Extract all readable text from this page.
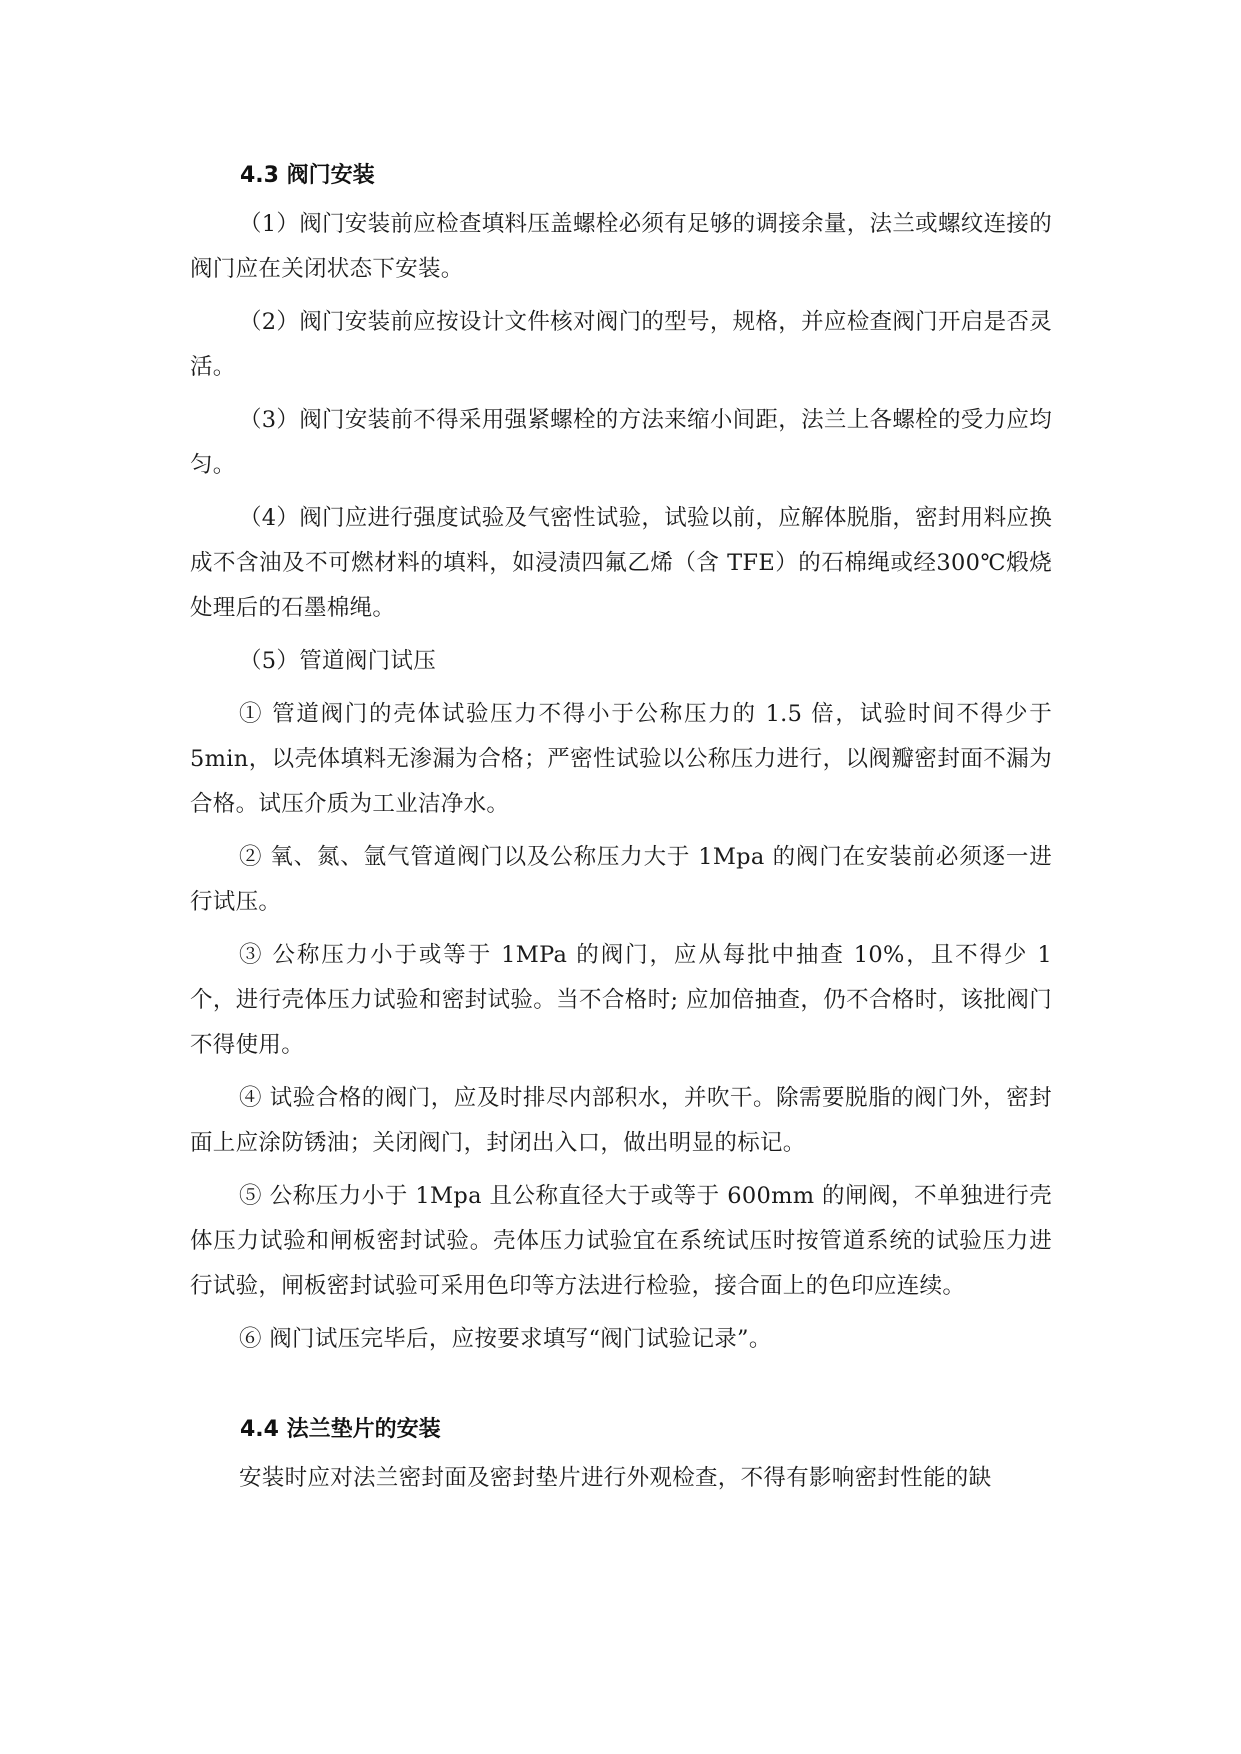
4.3 阀门安装

（1）阀门安装前应检查填料压盖螺栓必须有足够的调接余量，法兰或螺纹连接的阀门应在关闭状态下安装。

（2）阀门安装前应按设计文件核对阀门的型号，规格，并应检查阀门开启是否灵活。

（3）阀门安装前不得采用强紧螺栓的方法来缩小间距，法兰上各螺栓的受力应均匀。

（4）阀门应进行强度试验及气密性试验，试验以前，应解体脱脂，密封用料应换成不含油及不可燃材料的填料，如浸渍四氟乙烯（含 TFE）的石棉绳或经300℃煅烧处理后的石墨棉绳。

（5）管道阀门试压

① 管道阀门的壳体试验压力不得小于公称压力的 1.5 倍，试验时间不得少于 5min，以壳体填料无渗漏为合格；严密性试验以公称压力进行，以阀瓣密封面不漏为合格。试压介质为工业洁净水。

② 氧、氮、氩气管道阀门以及公称压力大于 1Mpa 的阀门在安装前必须逐一进行试压。

③ 公称压力小于或等于 1MPa 的阀门，应从每批中抽查 10%，且不得少 1 个，进行壳体压力试验和密封试验。当不合格时; 应加倍抽查，仍不合格时，该批阀门不得使用。

④ 试验合格的阀门，应及时排尽内部积水，并吹干。除需要脱脂的阀门外，密封面上应涂防锈油；关闭阀门，封闭出入口，做出明显的标记。

⑤ 公称压力小于 1Mpa 且公称直径大于或等于 600mm 的闸阀，不单独进行壳体压力试验和闸板密封试验。壳体压力试验宜在系统试压时按管道系统的试验压力进行试验，闸板密封试验可采用色印等方法进行检验，接合面上的色印应连续。

⑥ 阀门试压完毕后，应按要求填写“阀门试验记录”。

4.4 法兰垫片的安装

安装时应对法兰密封面及密封垫片进行外观检查，不得有影响密封性能的缺
